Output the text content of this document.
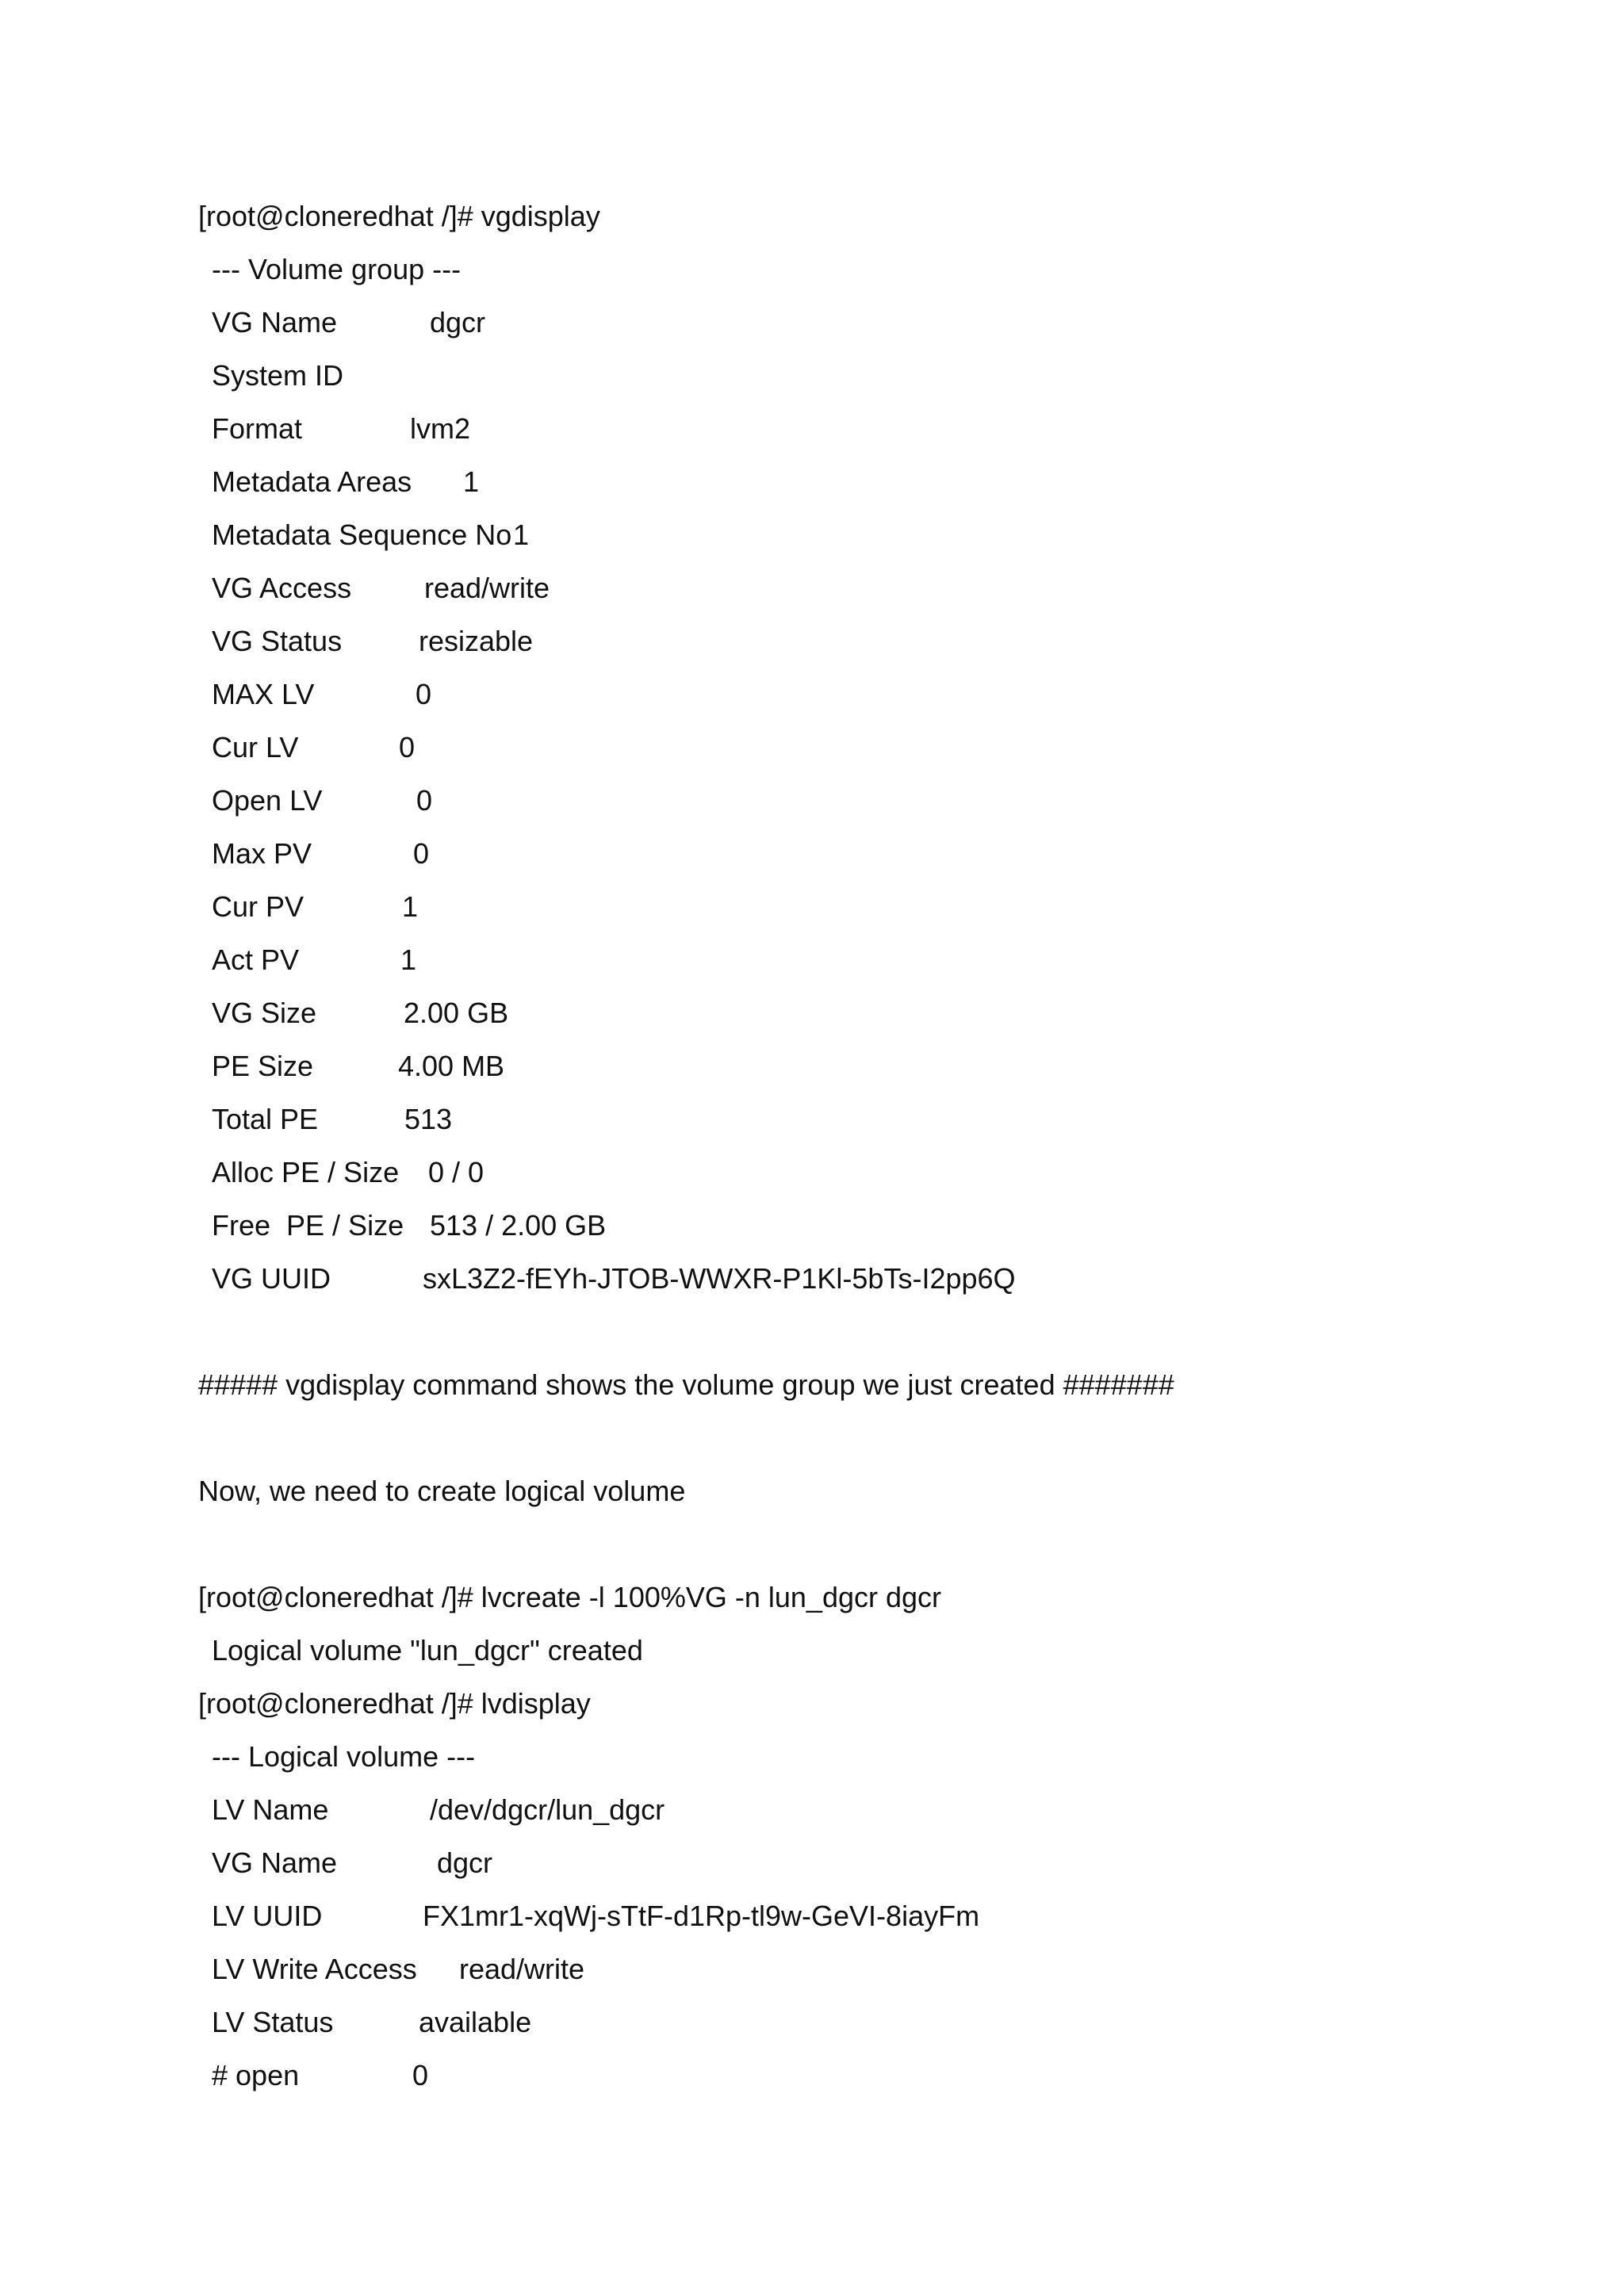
[root@cloneredhat /]# vgdisplay
--- Volume group ---
VG Name	dgcr
System ID
Format	lvm2
Metadata Areas 1
Metadata Sequence No 1
VG Access	read/write
VG Status	resizable
MAX LV	0
Cur LV	0
Open LV	0
Max PV	0
Cur PV	1
Act PV	1
VG Size	2.00 GB
PE Size	4.00 MB
Total PE	513
Alloc PE / Size 0 / 0
Free  PE / Size 513 / 2.00 GB
VG UUID	sxL3Z2-fEYh-JTOB-WWXR-P1Kl-5bTs-I2pp6Q
##### vgdisplay command shows the volume group we just created #######
Now, we need to create logical volume
[root@cloneredhat /]# lvcreate -l 100%VG -n lun_dgcr dgcr
Logical volume "lun_dgcr" created
[root@cloneredhat /]# lvdisplay
--- Logical volume ---
LV Name	/dev/dgcr/lun_dgcr
VG Name	dgcr
LV UUID	FX1mr1-xqWj-sTtF-d1Rp-tl9w-GeVI-8iayFm
LV Write Access read/write
LV Status	available
# open	0
